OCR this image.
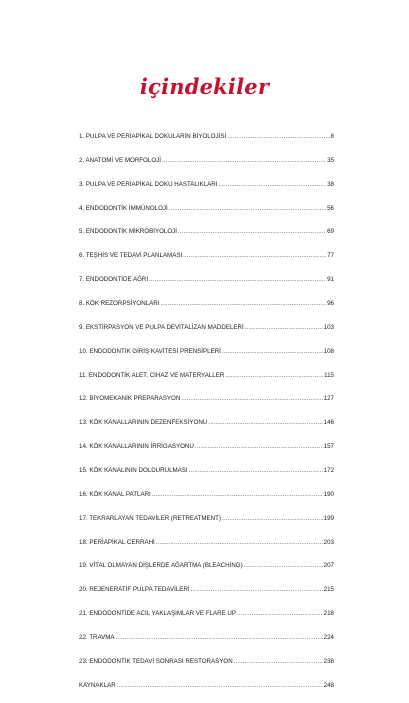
içindekiler
1. PULPA VE PERİAPİKAL DOKULARIN BİYOLOJİSİ .....	8
2. ANATOMİ VE MORFOLOJİ .....	35
3. PULPA VE PERİAPİKAL DOKU HASTALIKLARI .....	38
4. ENDODONTİK İMMÜNOLOJİ .....	56
5. ENDODONTİK MİKROBİYOLOJİ .....	69
6. TEŞHİS VE TEDAVİ PLANLAMASI .....	77
7. ENDODONTİDE AĞRI .....	91
8. KÖK REZORPSİYONLARI .....	96
9. EKSTİRPASYON VE PULPA DEVİTALİZAN MADDELERİ .....	103
10. ENDODONTİK GİRİŞ KAVİTESİ PRENSİPLERİ .....	108
11. ENDODONTİK ALET, CİHAZ VE MATERYALLER .....	115
12. BİYOMEKANİK PREPARASYON .....	127
13. KÖK KANALLARININ DEZENFEKSİYONU .....	146
14. KÖK KANALLARININ İRRİGASYONU .....	157
15. KÖK KANALININ DOLDURULMASI .....	172
16. KÖK KANAL PATLARI .....	190
17. TEKRARLAYAN TEDAVİLER (RETREATMENT) .....	199
18. PERİAPİKAL CERRAHİ .....	203
19. VİTAL OLMAYAN DİŞLERDE AĞARTMA (BLEACHİNG) .....	207
20. REJENERATİF PULPA TEDAVİLERİ .....	215
21. ENDODONTİDE ACİL YAKLAŞIMLAR VE FLARE UP .....	218
22. TRAVMA .....	224
23. ENDODONTİK TEDAVİ SONRASI RESTORASYON .....	238
KAYNAKLAR .....	248
